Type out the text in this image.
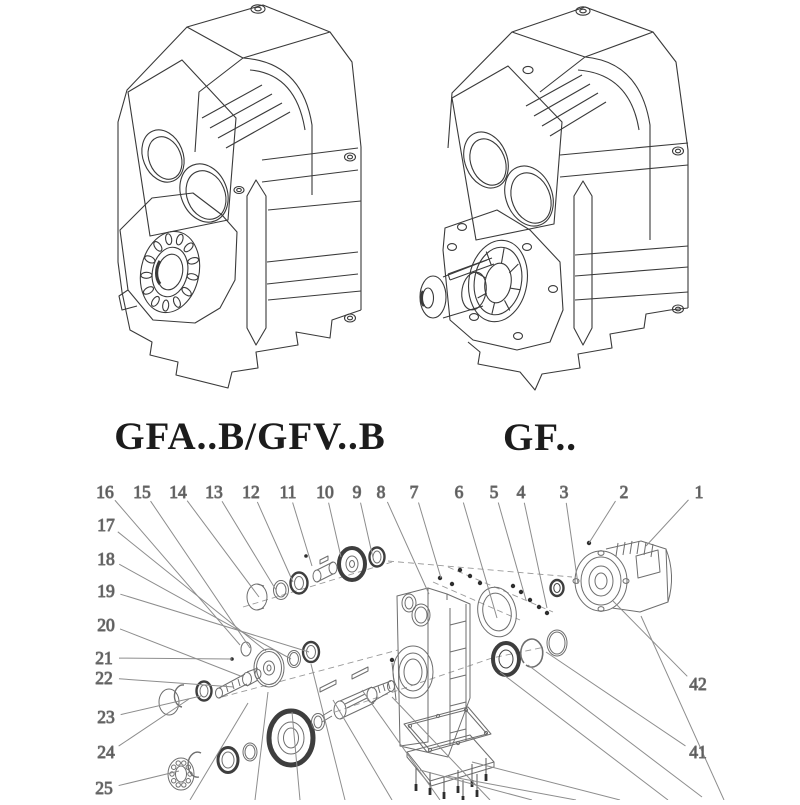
1
2
3
4
5
6
7
8
9
10
11
12
13
14
15
16
17
18
19
20
21
22
23
24
25
41
42
GFA..B/GFV..B	GF..
